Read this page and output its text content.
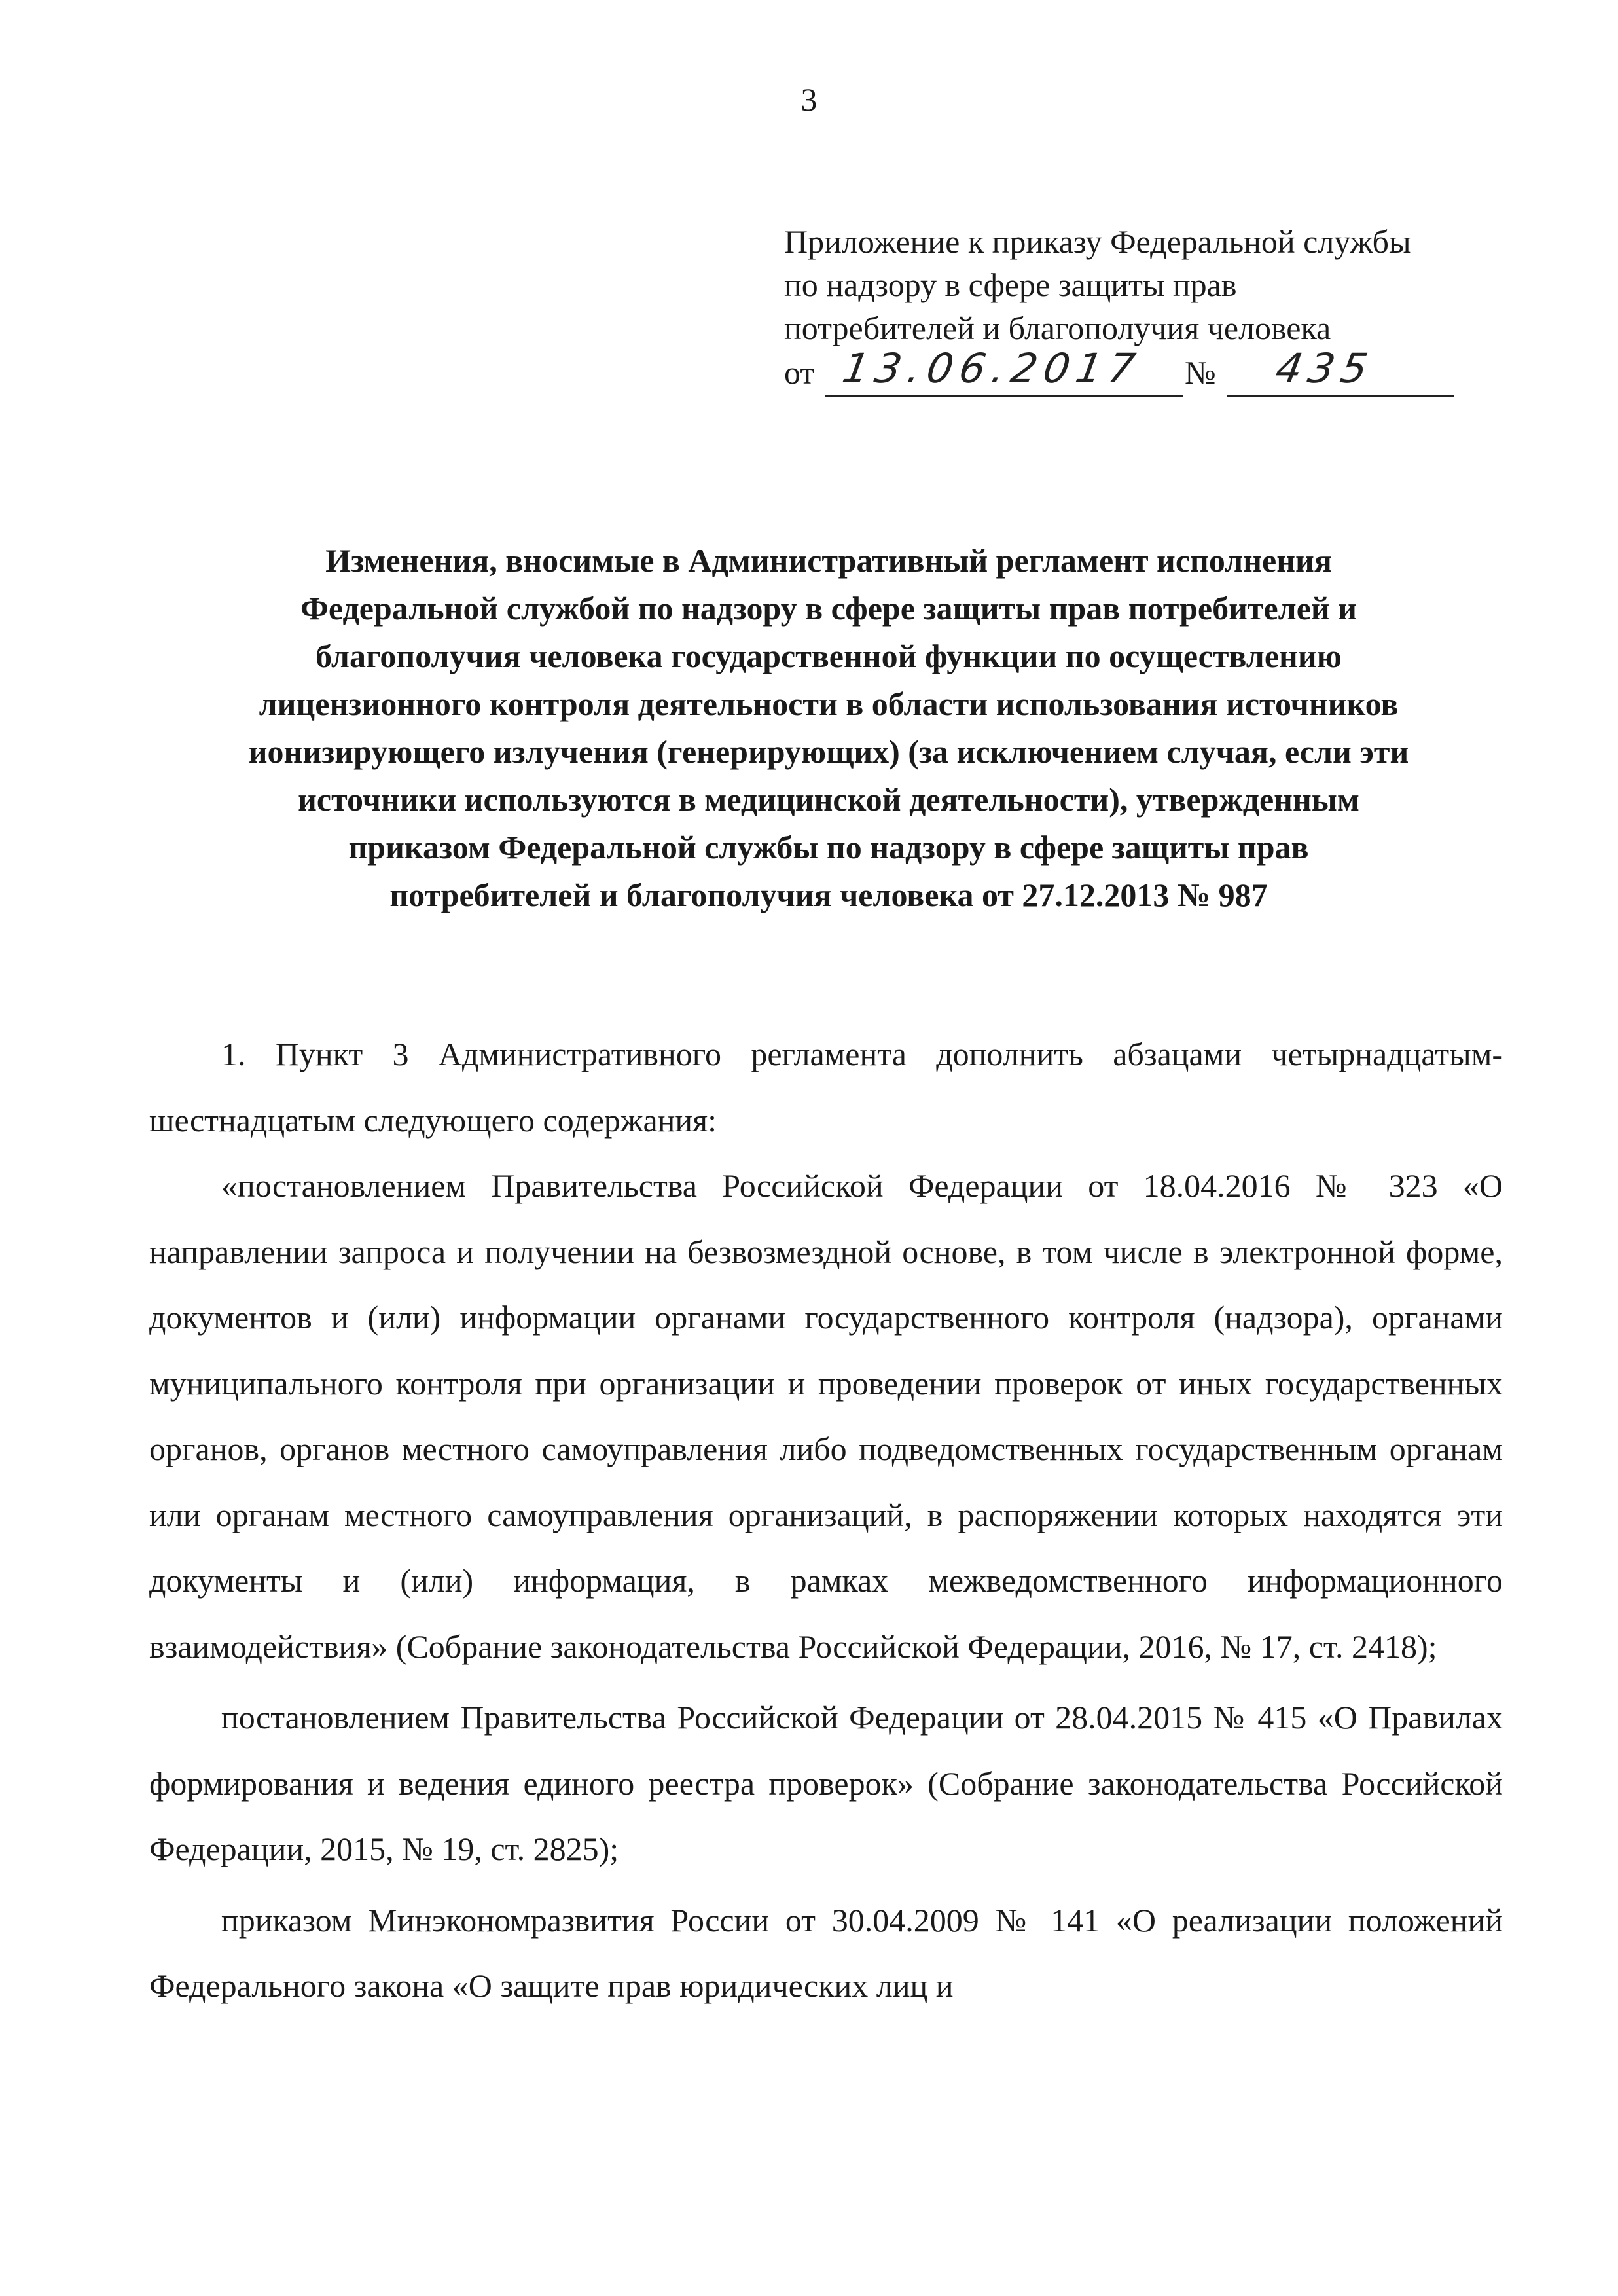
3
Приложение к приказу Федеральной службы
по надзору в сфере защиты прав
потребителей и благополучия человека
от 13.06.2017 № 435
Изменения, вносимые в Административный регламент исполнения
Федеральной службой по надзору в сфере защиты прав потребителей и
благополучия человека государственной функции по осуществлению
лицензионного контроля деятельности в области использования источников
ионизирующего излучения (генерирующих) (за исключением случая, если эти
источники используются в медицинской деятельности), утвержденным
приказом Федеральной службы по надзору в сфере защиты прав
потребителей и благополучия человека от 27.12.2013 № 987

1. Пункт 3 Административного регламента дополнить абзацами четырнадцатым-шестнадцатым следующего содержания:

«постановлением Правительства Российской Федерации от 18.04.2016 № 323 «О направлении запроса и получении на безвозмездной основе, в том числе в электронной форме, документов и (или) информации органами государственного контроля (надзора), органами муниципального контроля при организации и проведении проверок от иных государственных органов, органов местного самоуправления либо подведомственных государственным органам или органам местного самоуправления организаций, в распоряжении которых находятся эти документы и (или) информация, в рамках межведомственного информационного взаимодействия» (Собрание законодательства Российской Федерации, 2016, № 17, ст. 2418);

постановлением Правительства Российской Федерации от 28.04.2015 № 415 «О Правилах формирования и ведения единого реестра проверок» (Собрание законодательства Российской Федерации, 2015, № 19, ст. 2825);

приказом Минэкономразвития России от 30.04.2009 № 141 «О реализации положений Федерального закона «О защите прав юридических лиц и
